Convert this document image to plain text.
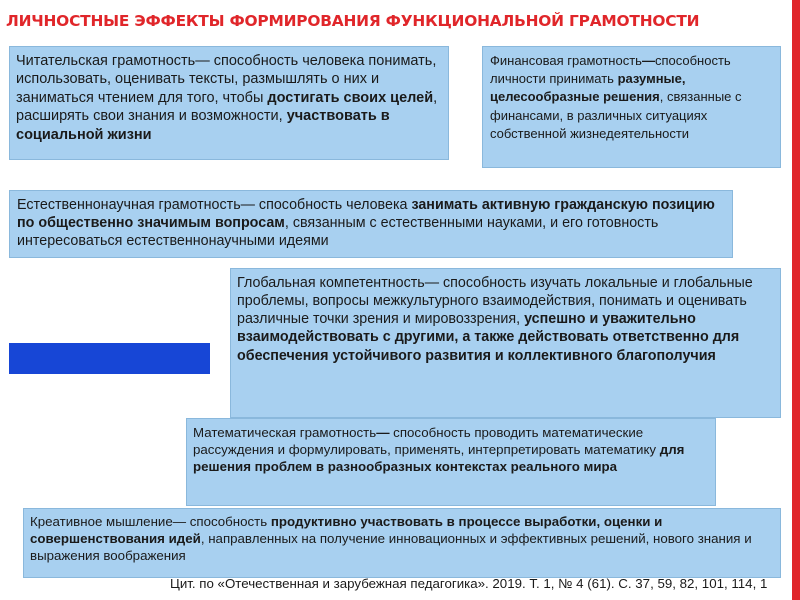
ЛИЧНОСТНЫЕ ЭФФЕКТЫ ФОРМИРОВАНИЯ ФУНКЦИОНАЛЬНОЙ ГРАМОТНОСТИ
Читательская грамотность— способность человека понимать, использовать, оценивать тексты, размышлять о них и заниматься чтением для того, чтобы достигать своих целей, расширять свои знания и возможности, участвовать в социальной жизни
Финансовая грамотность—способность личности принимать разумные, целесообразные решения, связанные с финансами, в различных ситуациях собственной жизнедеятельности
Естественнонаучная грамотность— способность человека занимать активную гражданскую позицию по общественно значимым вопросам, связанным с естественными науками, и его готовность интересоваться естественнонаучными идеями
Глобальная компетентность— способность изучать локальные и глобальные проблемы, вопросы межкультурного взаимодействия, понимать и оценивать различные точки зрения и мировоззрения, успешно и уважительно взаимодействовать с другими, а также действовать ответственно для обеспечения устойчивого развития и коллективного благополучия
Математическая грамотность— способность проводить математические рассуждения и формулировать, применять, интерпретировать математику для решения проблем в разнообразных контекстах реального мира
Креативное мышление— способность продуктивно участвовать в процессе выработки, оценки и совершенствования идей, направленных на получение инновационных и эффективных решений, нового знания и выражения воображения
Цит. по «Отечественная и зарубежная педагогика». 2019. Т. 1, № 4 (61). С. 37, 59, 82, 101, 114, 1
